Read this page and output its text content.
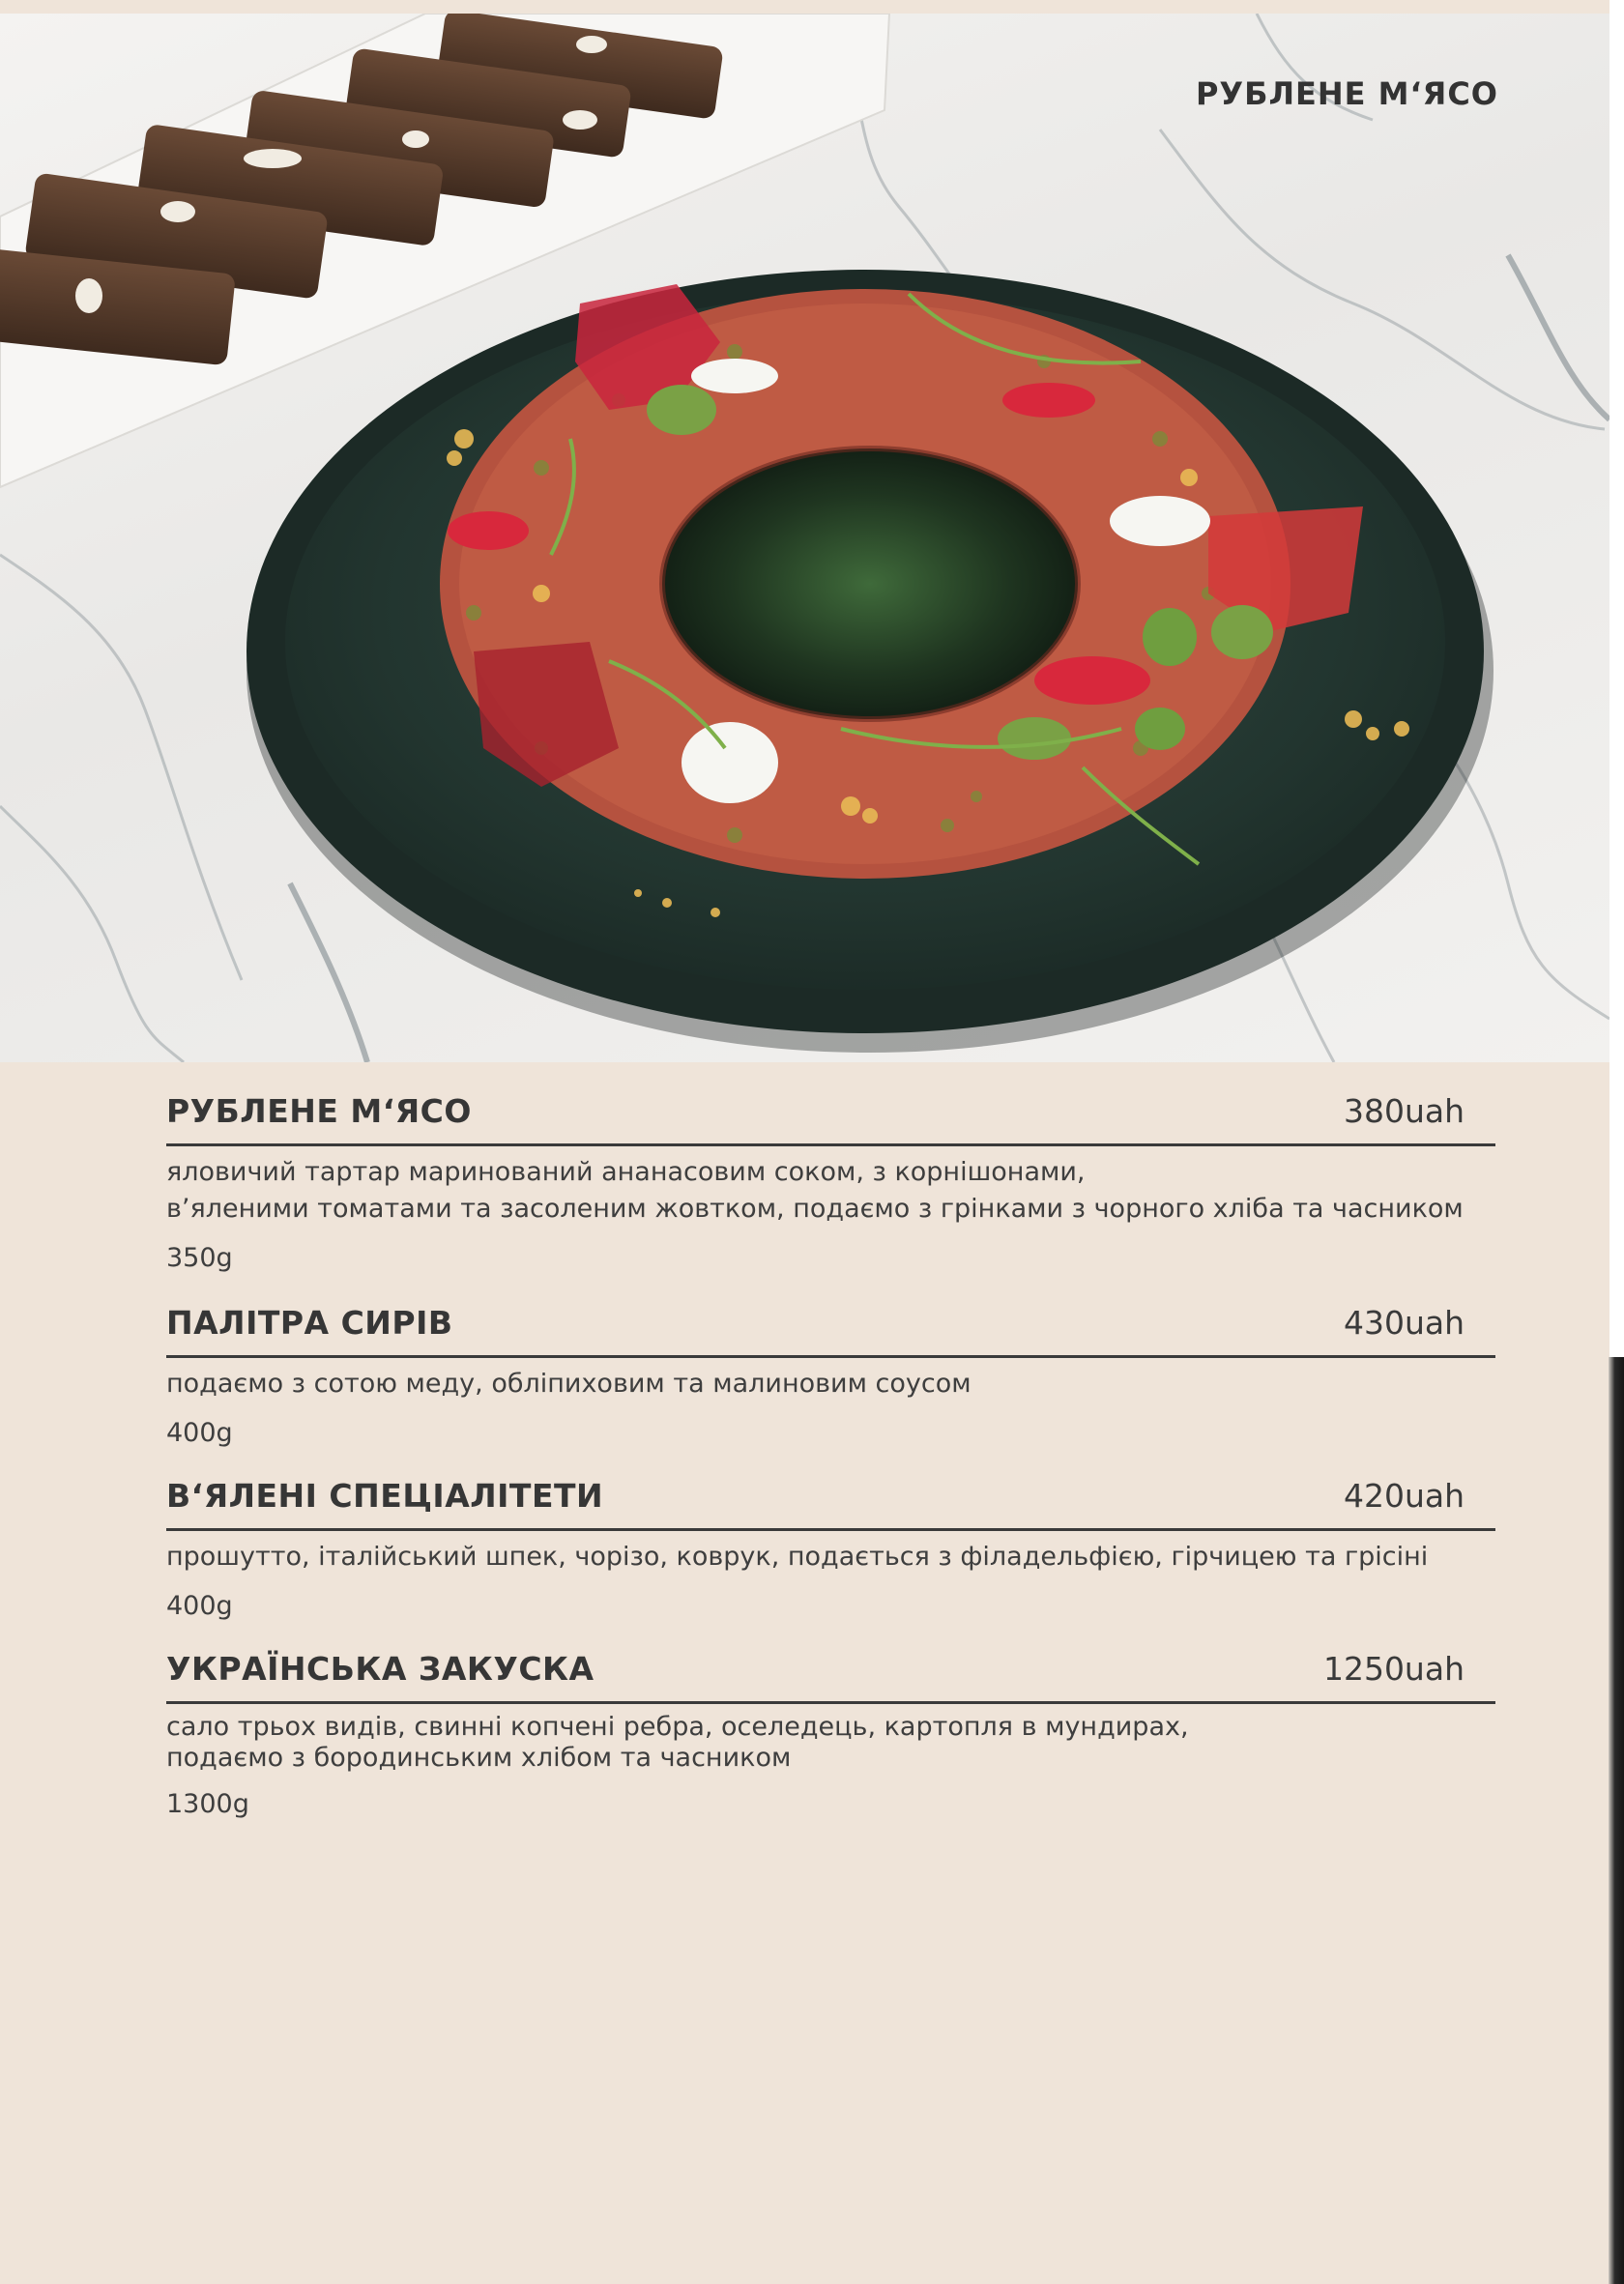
РУБЛЕНЕ М‘ЯСО
РУБЛЕНЕ М‘ЯСО	380uah
яловичий тартар маринований ананасовим соком, з корнішонами,
в’яленими томатами та засоленим жовтком, подаємо з грінками з чорного хліба та часником
350g
ПАЛІТРА СИРІВ	430uah
подаємо з сотою меду, обліпиховим та малиновим соусом
400g
В‘ЯЛЕНІ СПЕЦІАЛІТЕТИ	420uah
прошутто, італійський шпек, чорізо, коврук, подається з філадельфією, гірчицею та грісіні
400g
УКРАЇНСЬКА ЗАКУСКА	1250uah
сало трьох видів, свинні копчені ребра, оселедець, картопля в мундирах,
подаємо з бородинським хлібом та часником
1300g
